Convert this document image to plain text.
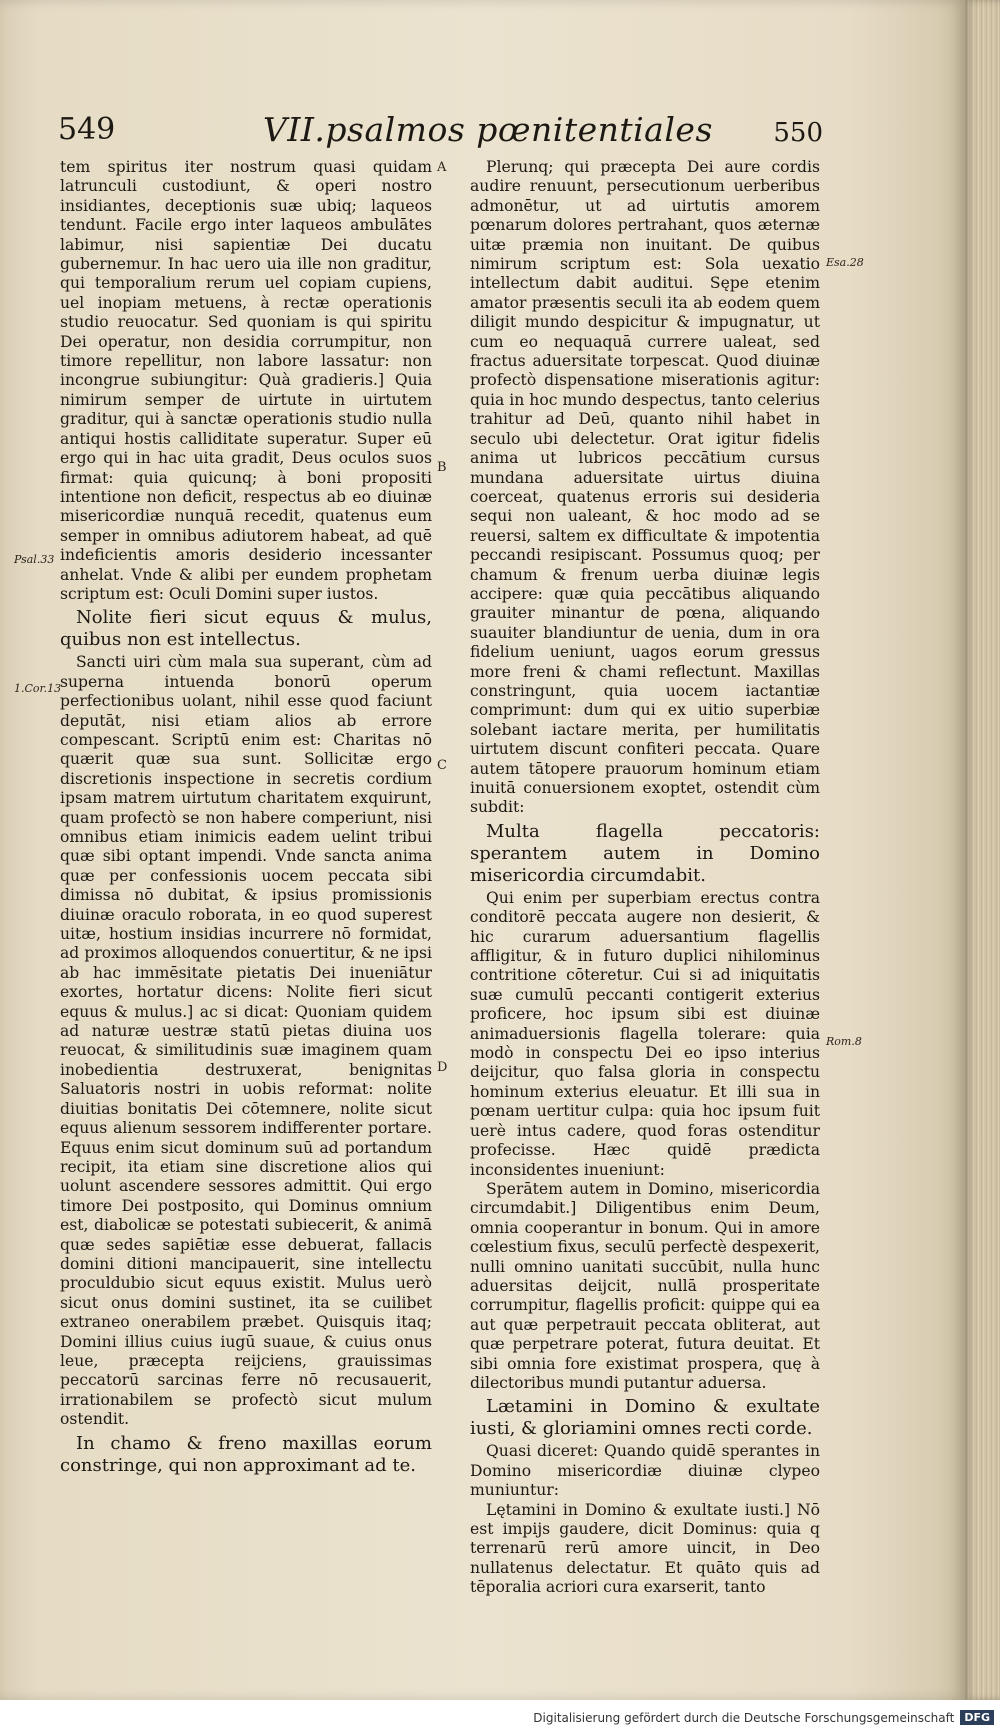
549	VII.psalmos pœnitentiales 550

tem spiritus iter nostrum quasi quidam latrunculi custodiunt, & operi nostro insidiantes, deceptionis suæ ubiq; laqueos tendunt. Facile ergo inter laqueos ambulātes labimur, nisi sapientiæ Dei ducatu gubernemur. In hac uero uia ille non graditur, qui temporalium rerum uel copiam cupiens, uel inopiam metuens, à rectæ operationis studio reuocatur. Sed quoniam is qui spiritu Dei operatur, non desidia corrumpitur, non timore repellitur, non labore lassatur: non incongrue subiungitur: Quà gradieris.] Quia nimirum semper de uirtute in uirtutem graditur, qui à sanctæ operationis studio nulla antiqui hostis calliditate superatur. Super eū ergo qui in hac uita gradit, Deus oculos suos firmat: quia quicunq; à boni propositi intentione non deficit, respectus ab eo diuinæ misericordiæ nunquā recedit, quatenus eum semper in omnibus adiutorem habeat, ad quē indeficientis amoris desiderio incessanter anhelat. Vnde & alibi per eundem prophetam scriptum est: Oculi Domini super iustos.

Nolite fieri sicut equus & mulus, quibus non est intellectus.

Sancti uiri cùm mala sua superant, cùm ad superna intuenda bonorū operum perfectionibus uolant, nihil esse quod faciunt deputāt, nisi etiam alios ab errore compescant. Scriptū enim est: Charitas nō quærit quæ sua sunt. Sollicitæ ergo discretionis inspectione in secretis cordium ipsam matrem uirtutum charitatem exquirunt, quam profectò se non habere comperiunt, nisi omnibus etiam inimicis eadem uelint tribui quæ sibi optant impendi. Vnde sancta anima quæ per confessionis uocem peccata sibi dimissa nō dubitat, & ipsius promissionis diuinæ oraculo roborata, in eo quod superest uitæ, hostium insidias incurrere nō formidat, ad proximos alloquendos conuertitur, & ne ipsi ab hac immēsitate pietatis Dei inueniātur exortes, hortatur dicens: Nolite fieri sicut equus & mulus.] ac si dicat: Quoniam quidem ad naturæ uestræ statū pietas diuina uos reuocat, & similitudinis suæ imaginem quam inobedientia destruxerat, benignitas Saluatoris nostri in uobis reformat: nolite diuitias bonitatis Dei cōtemnere, nolite sicut equus alienum sessorem indifferenter portare. Equus enim sicut dominum suū ad portandum recipit, ita etiam sine discretione alios qui uolunt ascendere sessores admittit. Qui ergo timore Dei postposito, qui Dominus omnium est, diabolicæ se potestati subiecerit, & animā quæ sedes sapiētiæ esse debuerat, fallacis domini ditioni mancipauerit, sine intellectu proculdubio sicut equus existit. Mulus uerò sicut onus domini sustinet, ita se cuilibet extraneo onerabilem præbet. Quisquis itaq; Domini illius cuius iugū suaue, & cuius onus leue, præcepta reijciens, grauissimas peccatorū sarcinas ferre nō recusauerit, irrationabilem se profectò sicut mulum ostendit.

In chamo & freno maxillas eorum constringe, qui non approximant ad te.

Plerunq; qui præcepta Dei aure cordis audire renuunt, persecutionum uerberibus admonētur, ut ad uirtutis amorem pœnarum dolores pertrahant, quos æternæ uitæ præmia non inuitant. De quibus nimirum scriptum est: Sola uexatio intellectum dabit auditui. Sępe etenim amator præsentis seculi ita ab eodem quem diligit mundo despicitur & impugnatur, ut cum eo nequaquā currere ualeat, sed fractus aduersitate torpescat. Quod diuinæ profectò dispensatione miserationis agitur: quia in hoc mundo despectus, tanto celerius trahitur ad Deū, quanto nihil habet in seculo ubi delectetur. Orat igitur fidelis anima ut lubricos peccātium cursus mundana aduersitate uirtus diuina coerceat, quatenus erroris sui desideria sequi non ualeant, & hoc modo ad se reuersi, saltem ex difficultate & impotentia peccandi resipiscant. Possumus quoq; per chamum & frenum uerba diuinæ legis accipere: quæ quia peccātibus aliquando grauiter minantur de pœna, aliquando suauiter blandiuntur de uenia, dum in ora fidelium ueniunt, uagos eorum gressus more freni & chami reflectunt. Maxillas constringunt, quia uocem iactantiæ comprimunt: dum qui ex uitio superbiæ solebant iactare merita, per humilitatis uirtutem discunt confiteri peccata. Quare autem tātopere prauorum hominum etiam inuitā conuersionem exoptet, ostendit cùm subdit:

Multa flagella peccatoris: sperantem autem in Domino misericordia circumdabit.

Qui enim per superbiam erectus contra conditorē peccata augere non desierit, & hic curarum aduersantium flagellis affligitur, & in futuro duplici nihilominus contritione cōteretur. Cui si ad iniquitatis suæ cumulū peccanti contigerit exterius proficere, hoc ipsum sibi est diuinæ animaduersionis flagella tolerare: quia modò in conspectu Dei eo ipso interius deijcitur, quo falsa gloria in conspectu hominum exterius eleuatur. Et illi sua in pœnam uertitur culpa: quia hoc ipsum fuit uerè intus cadere, quod foras ostenditur profecisse. Hæc quidē prædicta inconsidentes inueniunt:

Sperātem autem in Domino, misericordia circumdabit.] Diligentibus enim Deum, omnia cooperantur in bonum. Qui in amore cœlestium fixus, seculū perfectè despexerit, nulli omnino uanitati succūbit, nulla hunc aduersitas deijcit, nullā prosperitate corrumpitur, flagellis proficit: quippe qui ea aut quæ perpetrauit peccata obliterat, aut quæ perpetrare poterat, futura deuitat. Et sibi omnia fore existimat prospera, quę à dilectoribus mundi putantur aduersa.

Lætamini in Domino & exultate iusti, & gloriamini omnes recti corde.

Quasi diceret: Quando quidē sperantes in Domino misericordiæ diuinæ clypeo muniuntur:

Lętamini in Domino & exultate iusti.] Nō est impijs gaudere, dicit Dominus: quia q terrenarū rerū amore uincit, in Deo nullatenus delectatur. Et quāto quis ad tēporalia acriori cura exarserit, tanto

A
B
C
D
Psal.33
1.Cor.13
Esa.28
Rom.8
Digitalisierung gefördert durch die Deutsche Forschungsgemeinschaft DFG
